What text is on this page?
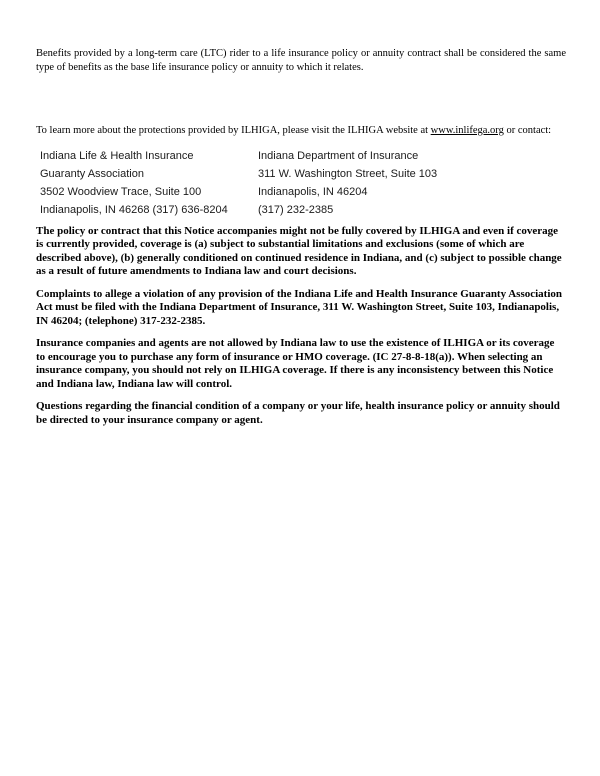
Benefits provided by a long-term care (LTC) rider to a life insurance policy or annuity contract shall be considered the same type of benefits as the base life insurance policy or annuity to which it relates.

To learn more about the protections provided by ILHIGA, please visit the ILHIGA website at www.inlifega.org or contact:

Indiana Life & Health Insurance
Guaranty Association
3502 Woodview Trace, Suite 100
Indianapolis, IN 46268 (317) 636-8204
Indiana Department of Insurance
311 W. Washington Street, Suite 103
Indianapolis, IN 46204
(317) 232-2385

The policy or contract that this Notice accompanies might not be fully covered by ILHIGA and even if coverage is currently provided, coverage is (a) subject to substantial limitations and exclusions (some of which are described above), (b) generally conditioned on continued residence in Indiana, and (c) subject to possible change as a result of future amendments to Indiana law and court decisions.

Complaints to allege a violation of any provision of the Indiana Life and Health Insurance Guaranty Association Act must be filed with the Indiana Department of Insurance, 311 W. Washington Street, Suite 103, Indianapolis, IN 46204; (telephone) 317-232-2385.

Insurance companies and agents are not allowed by Indiana law to use the existence of ILHIGA or its coverage to encourage you to purchase any form of insurance or HMO coverage. (IC 27-8-8-18(a)). When selecting an insurance company, you should not rely on ILHIGA coverage. If there is any inconsistency between this Notice and Indiana law, Indiana law will control.

Questions regarding the financial condition of a company or your life, health insurance policy or annuity should be directed to your insurance company or agent.
